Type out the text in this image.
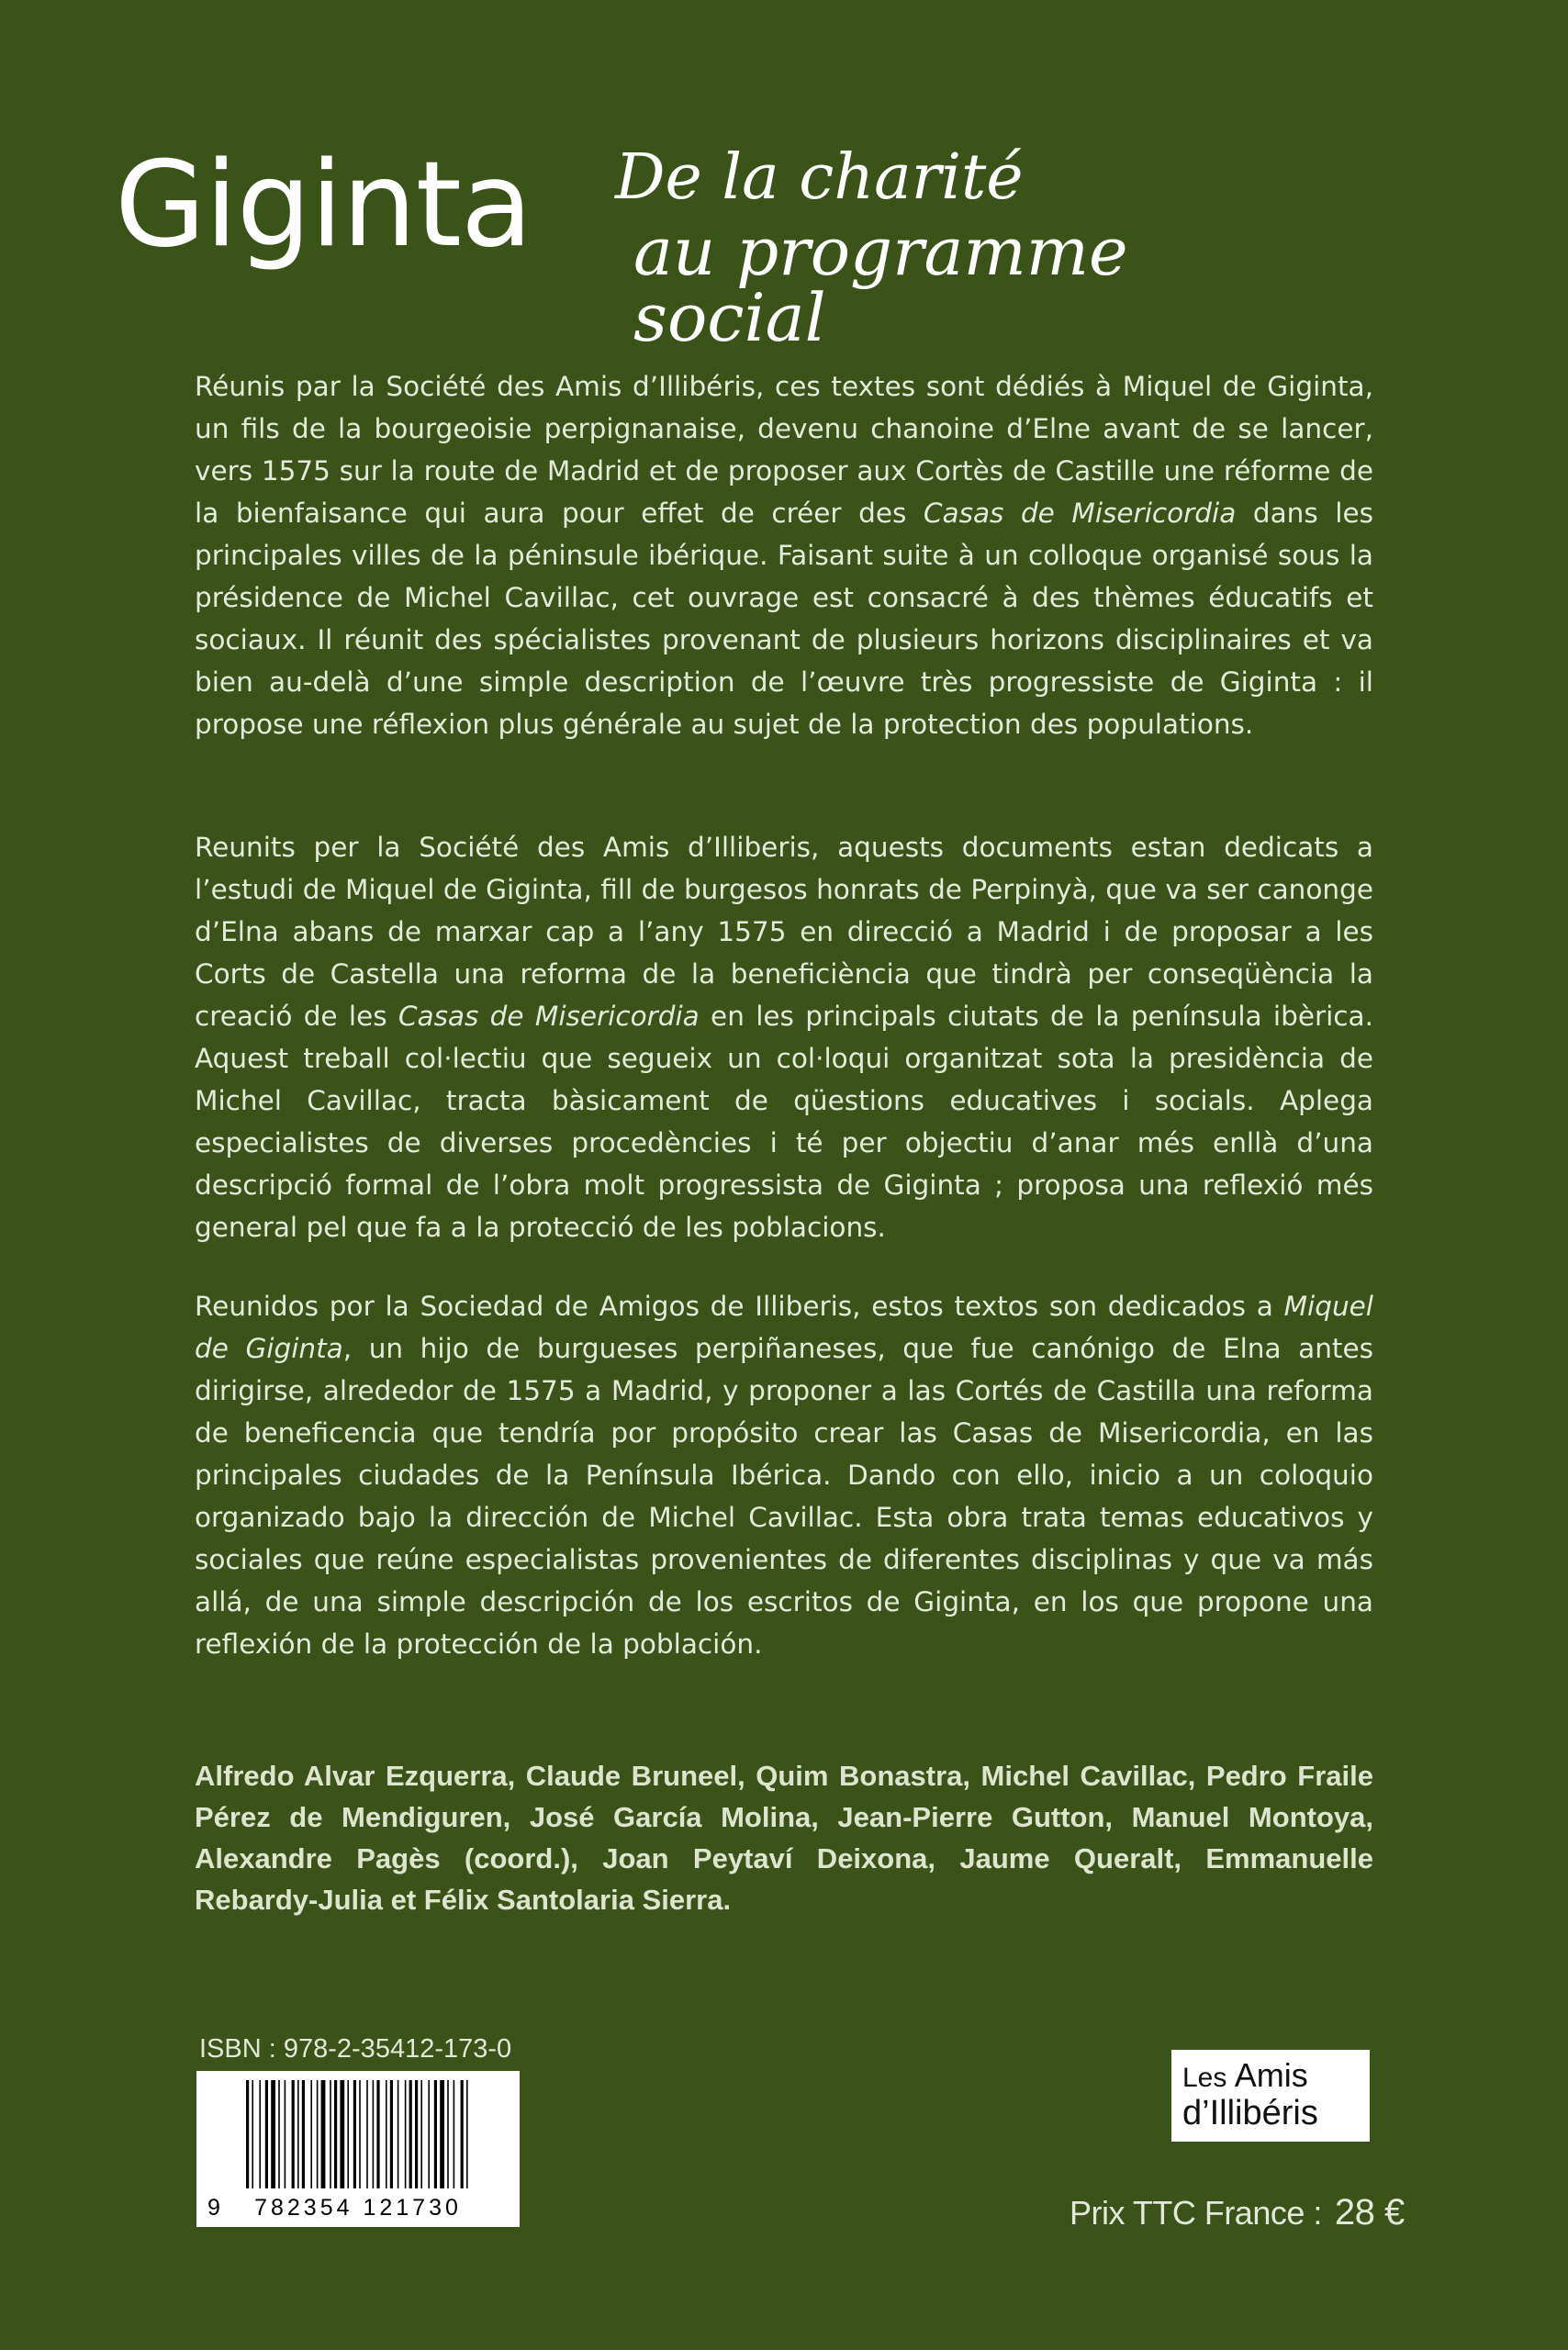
Giginta De la charité
au programme social

Réunis par la Société des Amis d’Illibéris, ces textes sont dédiés à Miquel de Giginta, un fils de la bourgeoisie perpignanaise, devenu chanoine d’Elne avant de se lancer, vers 1575 sur la route de Madrid et de proposer aux Cortès de Castille une réforme de la bienfaisance qui aura pour effet de créer des Casas de Misericordia dans les principales villes de la péninsule ibérique. Faisant suite à un colloque organisé sous la présidence de Michel Cavillac, cet ouvrage est consacré à des thèmes éducatifs et sociaux. Il réunit des spécialistes provenant de plusieurs horizons disciplinaires et va bien au-delà d’une simple description de l’œuvre très progressiste de Giginta : il propose une réflexion plus générale au sujet de la protection des populations.

Reunits per la Société des Amis d’Illiberis, aquests documents estan dedicats a l’estudi de Miquel de Giginta, fill de burgesos honrats de Perpinyà, que va ser canonge d’Elna abans de marxar cap a l’any 1575 en direcció a Madrid i de proposar a les Corts de Castella una reforma de la beneficiència que tindrà per conseqüència la creació de les Casas de Misericordia en les principals ciutats de la península ibèrica. Aquest treball col·lectiu que segueix un col·loqui organitzat sota la presidència de Michel Cavillac, tracta bàsicament de qüestions educatives i socials. Aplega especialistes de diverses procedències i té per objectiu d’anar més enllà d’una descripció formal de l’obra molt progressista de Giginta ; proposa una reflexió més general pel que fa a la protecció de les poblacions.

Reunidos por la Sociedad de Amigos de Illiberis, estos textos son dedicados a Miquel de Giginta, un hijo de burgueses perpiñaneses, que fue canónigo de Elna antes dirigirse, alrededor de 1575 a Madrid, y proponer a las Cortés de Castilla una reforma de beneficencia que tendría por propósito crear las Casas de Misericordia, en las principales ciudades de la Península Ibérica. Dando con ello, inicio a un coloquio organizado bajo la dirección de Michel Cavillac. Esta obra trata temas educativos y sociales que reúne especialistas provenientes de diferentes disciplinas y que va más allá, de una simple descripción de los escritos de Giginta, en los que propone una reflexión de la protección de la población.

Alfredo Alvar Ezquerra, Claude Bruneel, Quim Bonastra, Michel Cavillac, Pedro Fraile Pérez de Mendiguren, José García Molina, Jean-Pierre Gutton, Manuel Montoya, Alexandre Pagès (coord.), Joan Peytaví Deixona, Jaume Queralt, Emmanuelle Rebardy-Julia et Félix Santolaria Sierra.

ISBN : 978-2-35412-173-0
9 782354 121730
Les Amis
d’Illibéris
Prix TTC France : 28 €
